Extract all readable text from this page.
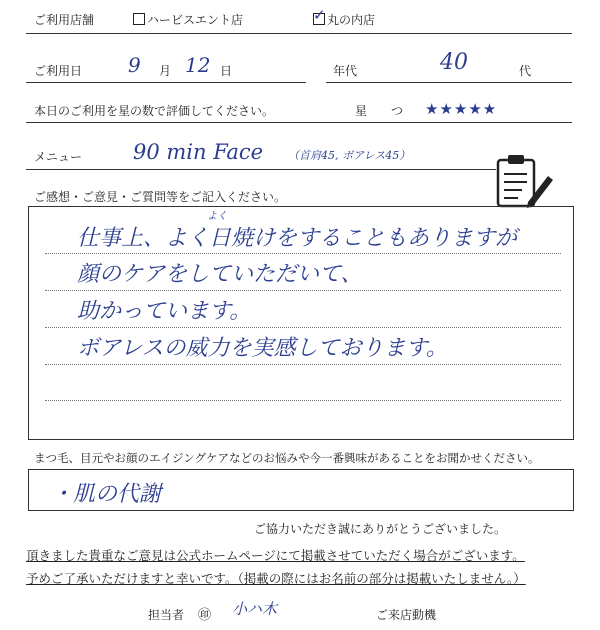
ご利用店舗	ハービスエント店	✓ 丸の内店
ご利用日 9 月 12 日	年代	40	代
本日のご利用を星の数で評価してください。	星　　つ ★★★★★
メニュー 90 min Face （首肩45, ボアレス45）
ご感想・ご意見・ご質問等をご記入ください。
よく
仕事上、よく日焼けをすることもありますが
顔のケアをしていただいて、
助かっています。
ボアレスの威力を実感しております。
まつ毛、目元やお顔のエイジングケアなどのお悩みや今一番興味があることをお聞かせください。
・肌の代謝
ご協力いただき誠にありがとうございました。
頂きました貴重なご意見は公式ホームページにて掲載させていただく場合がございます。
予めご了承いただけますと幸いです。（掲載の際にはお名前の部分は掲載いたしません。）
担当者 ㊞ 小ハ木	ご来店動機
